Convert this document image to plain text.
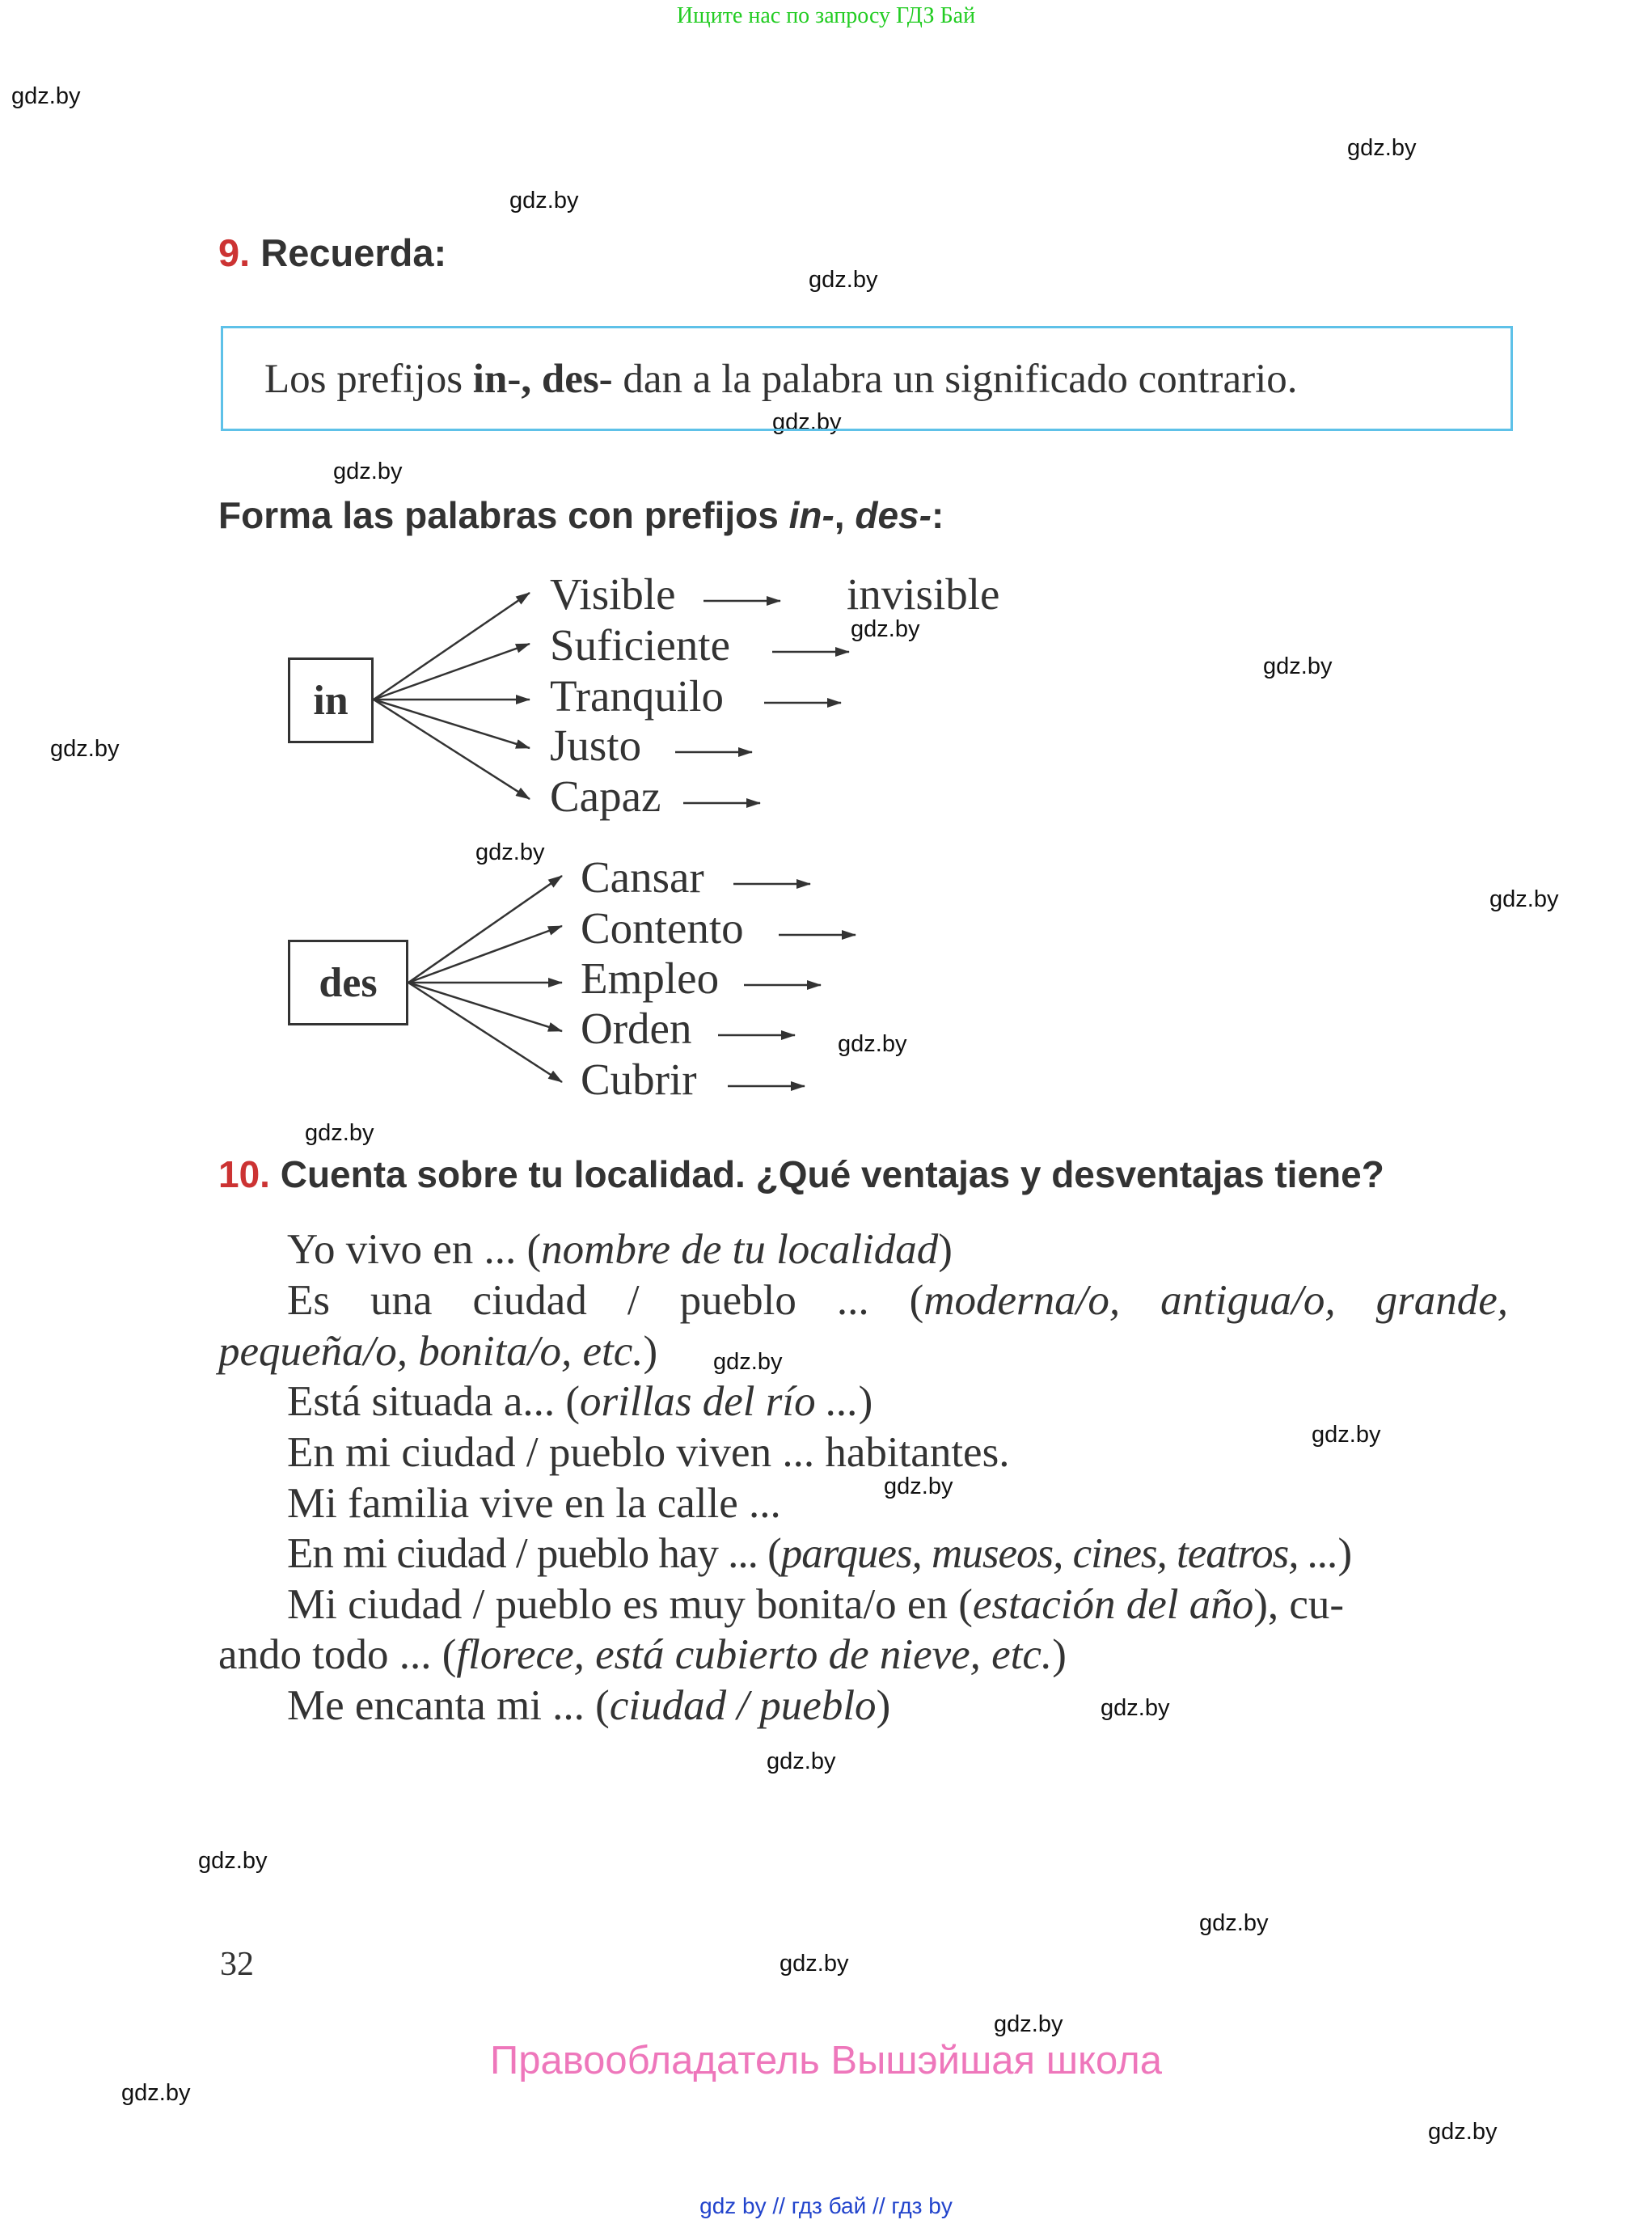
Ищите нас по запросу ГДЗ Бай
gdz.by
gdz.by
gdz.by
gdz.by
gdz.by
gdz.by
gdz.by
gdz.by
gdz.by
gdz.by
gdz.by
gdz.by
gdz.by
gdz.by
gdz.by
gdz.by
gdz.by
gdz.by
gdz.by
gdz.by
gdz.by
gdz.by
gdz.by
gdz.by
9. Recuerda:
Los prefijos in-, des- dan a la palabra un significado contrario.
Forma las palabras con prefijos in-, des-:
in
des
Visible
Suficiente
Tranquilo
Justo
Capaz
invisible
Cansar
Contento
Empleo
Orden
Cubrir
10. Cuenta sobre tu localidad. ¿Qué ventajas y desventajas tiene?
Yo vivo en ... (nombre de tu localidad)
Es una ciudad / pueblo ... (moderna/o, antigua/o, grande,
pequeña/o, bonita/o, etc.)
Está situada a... (orillas del río ...)
En mi ciudad / pueblo viven ... habitantes.
Mi familia vive en la calle ...
En mi ciudad / pueblo hay ... (parques, museos, cines, teatros, ...)
Mi ciudad / pueblo es muy bonita/o en (estación del año), cu-
ando todo ... (florece, está cubierto de nieve, etc.)
Me encanta mi ... (ciudad / pueblo)
32
Правообладатель Вышэйшая школа
gdz by // гдз бай // гдз by
